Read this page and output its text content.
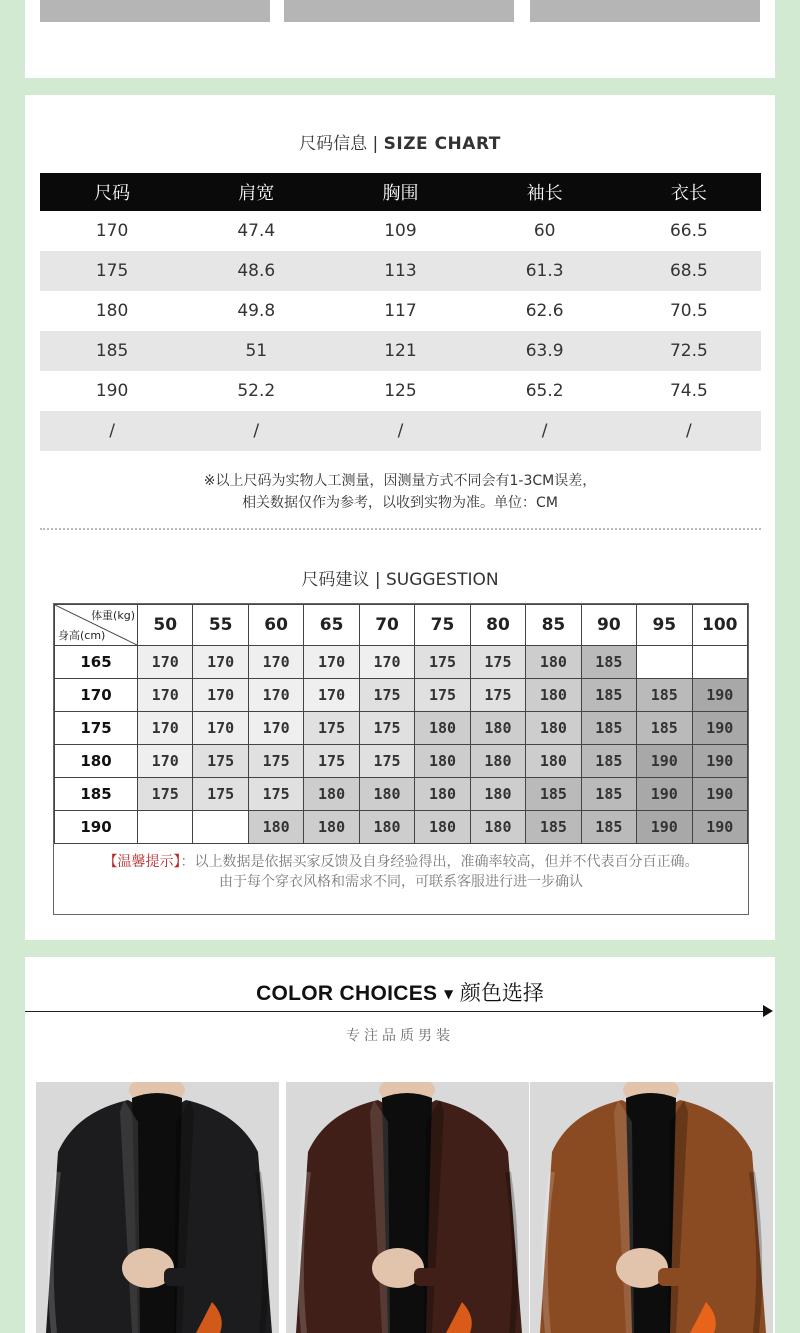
尺码信息 | SIZE CHART
尺码	肩宽	胸围	袖长	衣长
170	47.4	109	60	66.5
175	48.6	113	61.3	68.5
180	49.8	117	62.6	70.5
185	51	121	63.9	72.5
190	52.2	125	65.2	74.5
/	/	/	/	/
※以上尺码为实物人工测量，因测量方式不同会有1-3CM误差，
相关数据仅作为参考，以收到实物为准。单位：CM
尺码建议 | SUGGESTION
体重(kg)
身高(cm)	50	55	60	65	70	75	80	85	90	95	100
165	170	170	170	170	170	175	175	180	185		
170	170	170	170	170	175	175	175	180	185	185	190
175	170	170	170	175	175	180	180	180	185	185	190
180	170	175	175	175	175	180	180	180	185	190	190
185	175	175	175	180	180	180	180	185	185	190	190
190			180	180	180	180	180	185	185	190	190
【温馨提示】：以上数据是依据买家反馈及自身经验得出，准确率较高，但并不代表百分百正确。
由于每个穿衣风格和需求不同，可联系客服进行进一步确认
COLOR CHOICES ▼ 颜色选择
专注品质男装
